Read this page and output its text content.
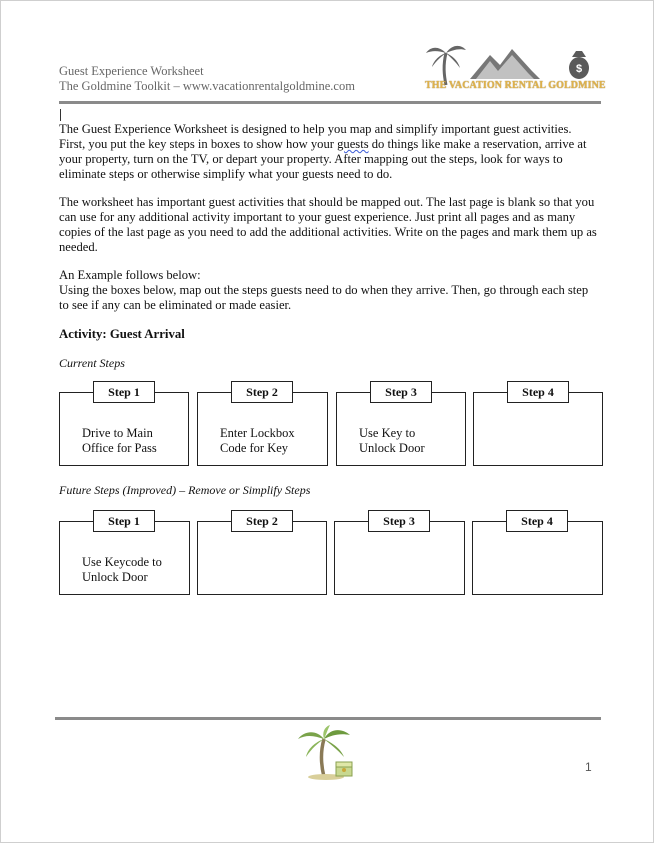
Guest Experience Worksheet
The Goldmine Toolkit – www.vacationrentalgoldmine.com
$
THE VACATION RENTAL GOLDMINE

The Guest Experience Worksheet is designed to help you map and simplify important guest activities. First, you put the key steps in boxes to show how your guests do things like make a reservation, arrive at your property, turn on the TV, or depart your property. After mapping out the steps, look for ways to eliminate steps or otherwise simplify what your guests need to do.

The worksheet has important guest activities that should be mapped out. The last page is blank so that you can use for any additional activity important to your guest experience. Just print all pages and as many copies of the last page as you need to add the additional activities. Write on the pages and mark them up as needed.

An Example follows below:

Using the boxes below, map out the steps guests need to do when they arrive. Then, go through each step to see if any can be eliminated or made easier.

Activity: Guest Arrival
Current Steps
Step 1
Drive to Main
Office for Pass
Step 2
Enter Lockbox
Code for Key
Step 3
Use Key to
Unlock Door
Step 4
Future Steps (Improved) – Remove or Simplify Steps
Step 1
Use Keycode to
Unlock Door
Step 2	Step 3	Step 4
1
